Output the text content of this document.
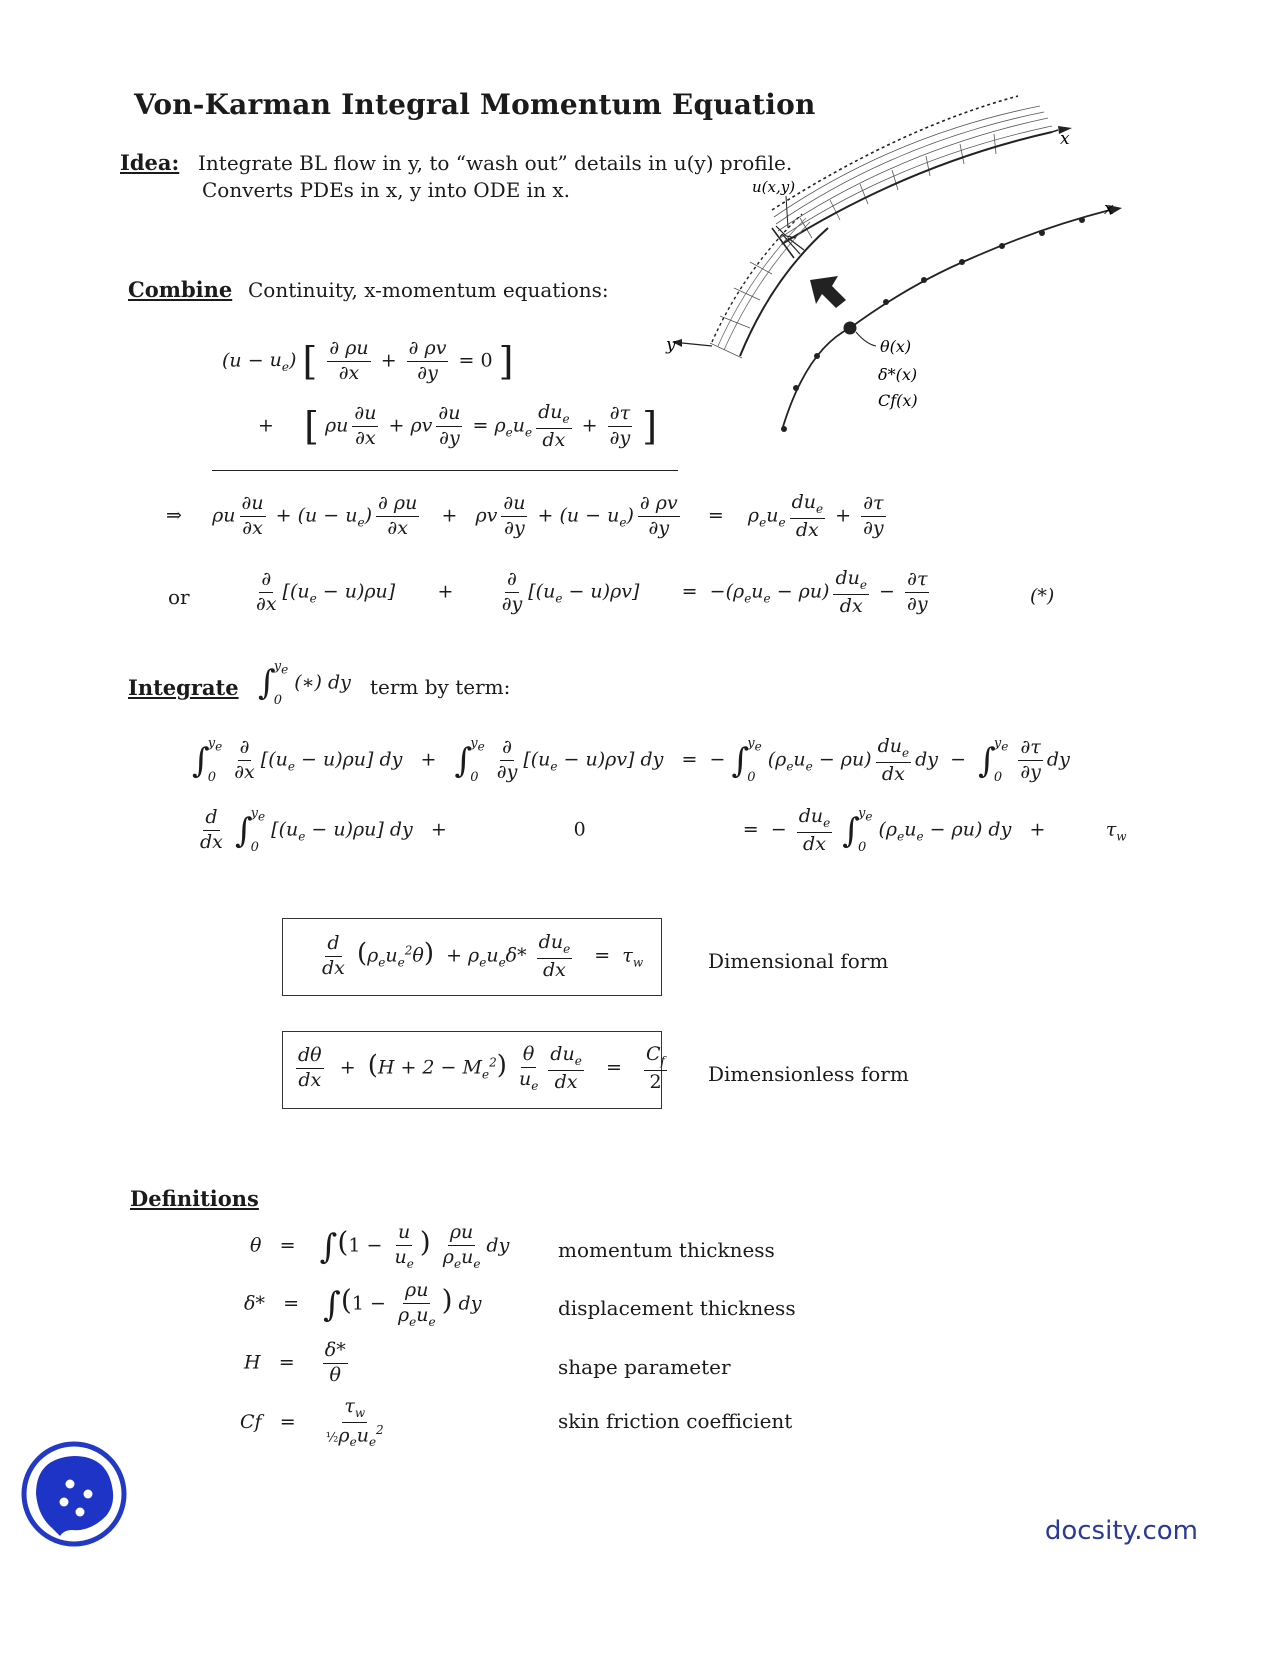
Von-Karman Integral Momentum Equation
Idea: Integrate BL flow in y, to “wash out” details in u(y) profile.
Converts PDEs in x, y into ODE in x.
x
u(x,y)
y
x
θ(x)
δ*(x)
Cf(x)
Combine Continuity, x-momentum equations:
$(u - u_e)$ [ $\frac{\partial \rho u}{\partial x} + \frac{\partial \rho v}{\partial y} = 0$ ]
+     [ ρu $\frac{\partial u}{\partial x} + \rho v \frac{\partial u}{\partial y} = \rho_eu_e \frac{du_e}{dx} + \frac{\partial\tau}{\partial y}$ ]
⇒     ρu $\frac{\partial u}{\partial x} + (u - u_e) \frac{\partial \rho u}{\partial x} + \rho v \frac{\partial u}{\partial y} + (u - u_e) \frac{\partial \rho v}{\partial y}$ =    $\rho_eu_e \frac{du_e}{dx} + \frac{\partial\tau}{\partial y}$
or	$\frac{\partial}{\partial x} [(u_e - u)\rho u]$       + $\frac{\partial}{\partial y} [(u_e - u)\rho v]$       =  $-(\rho_eu_e - \rho u) \frac{du_e}{dx} - \frac{\partial\tau}{\partial y}$	(*)
Integrate ∫
$y_e$
0
(∗) dy term by term:
∫
$y_e$
0
$\frac{\partial}{\partial x} [(u_e - u)\rho u]$ dy   +   ∫
$y_e$
0
$\frac{\partial}{\partial y} [(u_e - u)\rho v]$ dy   =  − ∫
$y_e$
0
$(\rho_eu_e - \rho u) \frac{du_e}{dx}$ dy  −  ∫
$y_e$
0
$\frac{\partial\tau}{\partial y}$ dy
$\frac{d}{dx}$ ∫
$y_e$
0
$[(u_e - u)\rho u]$ dy   +                     0                          =  − $\frac{du_e}{dx}$ ∫
$y_e$
0
$(\rho_eu_e - \rho u)$ dy   +          $\tau_w$
$\frac{d}{dx} (\rho_eu_e^2\theta) + \rho_eu_e\delta* \frac{du_e}{dx} = \tau_w$	Dimensional form
$\frac{d\theta}{dx} + (H + 2 - M_e^2) \frac{\theta}{u_e} \frac{du_e}{dx} = \frac{C_f}{2}$ Dimensionless form
Definitions
θ   =    $\int(1 - \frac{u}{u_e}$ ) $\frac{\rho u}{\rho_eu_e}$ dy momentum thickness
δ*   =    $\int(1 - \frac{\rho u}{\rho_eu_e}$ ) dy	displacement thickness
$H = \frac{\delta*}{\theta}$	shape parameter
$Cf = \frac{\tau_w}{\frac{1}{2}\rho_eu_e^2}$	skin friction coefficient
docsity.com
